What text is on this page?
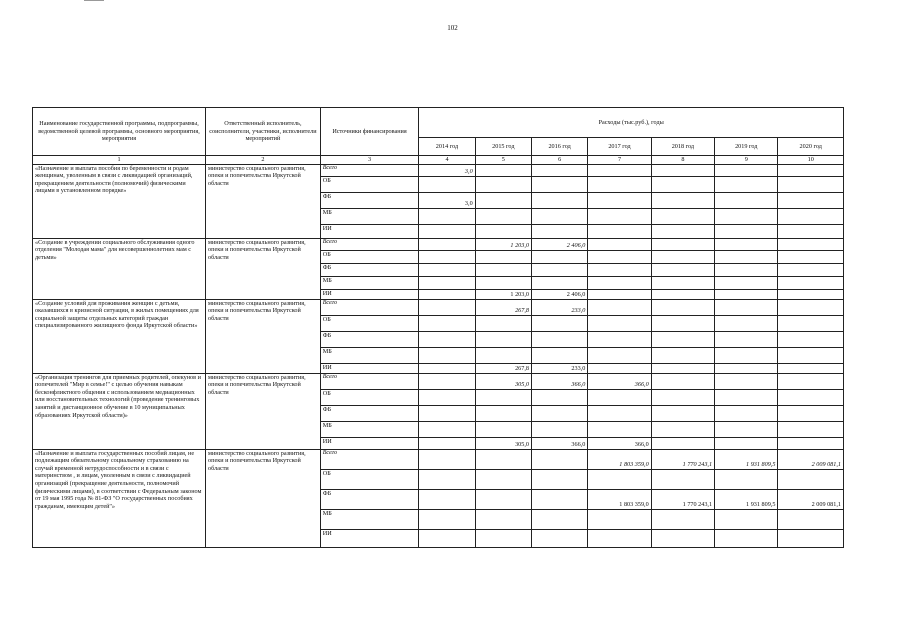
102
Наименование государственной программы, подпрограммы, ведомственной целевой программы, основного мероприятия, мероприятия	Ответственный исполнитель, соисполнители, участники, исполнители мероприятий	Источники финансирования	Расходы (тыс.руб.), годы						
			2014 год	2015 год	2016 год	2017 год	2018 год	2019 год	2020 год
1	2	3	4	5	6	7	8	9	10
«Назначение и выплата пособия по беременности и родам женщинам, уволенным в связи с ликвидацией организаций, прекращением деятельности (полномочий) физическими лицами в установленном порядке»	министерство социального развития, опеки и попечительства Иркутской области	Всего	3,0						
		ОБ							
		ФБ	3,0						
		МБ							
		ИИ							
«Создание в учреждении социального обслуживания одного отделения "Молодая мама" для несовершеннолетних мам с детьми»	министерство социального развития, опеки и попечительства Иркутской области	Всего		1 203,0	2 406,0				
		ОБ							
		ФБ							
		МБ							
		ИИ		1 203,0	2 406,0				
«Создание условий для проживания женщин с детьми, оказавшихся в кризисной ситуации, в жилых помещениях для социальной защиты отдельных категорий граждан специализированного жилищного фонда Иркутской области»	министерство социального развития, опеки и попечительства Иркутской области	Всего		267,8	233,0				
		ОБ							
		ФБ							
		МБ							
		ИИ		267,8	233,0				
«Организация тренингов для приемных родителей, опекунов и попечителей "Мир в семье!" с целью обучения навыкам бесконфликтного общения с использованием медиационных или восстановительных технологий (проведение тренинговых занятий и дистанционное обучение в 10 муниципальных образованиях Иркутской области)»	министерство социального развития, опеки и попечительства Иркутской области	Всего		305,0	366,0	366,0			
		ОБ							
		ФБ							
		МБ							
		ИИ		305,0	366,0	366,0			
«Назначение и выплата государственных пособий лицам, не подлежащим обязательному социальному страхованию на случай временной нетрудоспособности и в связи с материнством , и лицам, уволенным в связи с ликвидацией организаций (прекращение деятельности, полномочий физическими лицами), в соответствии с Федеральным законом от 19 мая 1995 года № 81-ФЗ "О государственных пособиях гражданам, имеющим детей"»	министерство социального развития, опеки и попечительства Иркутской области	Всего				1 803 359,0	1 770 243,1	1 931 809,5	2 009 081,1
		ОБ							
		ФБ				1 803 359,0	1 770 243,1	1 931 809,5	2 009 081,1
		МБ							
		ИИ							
